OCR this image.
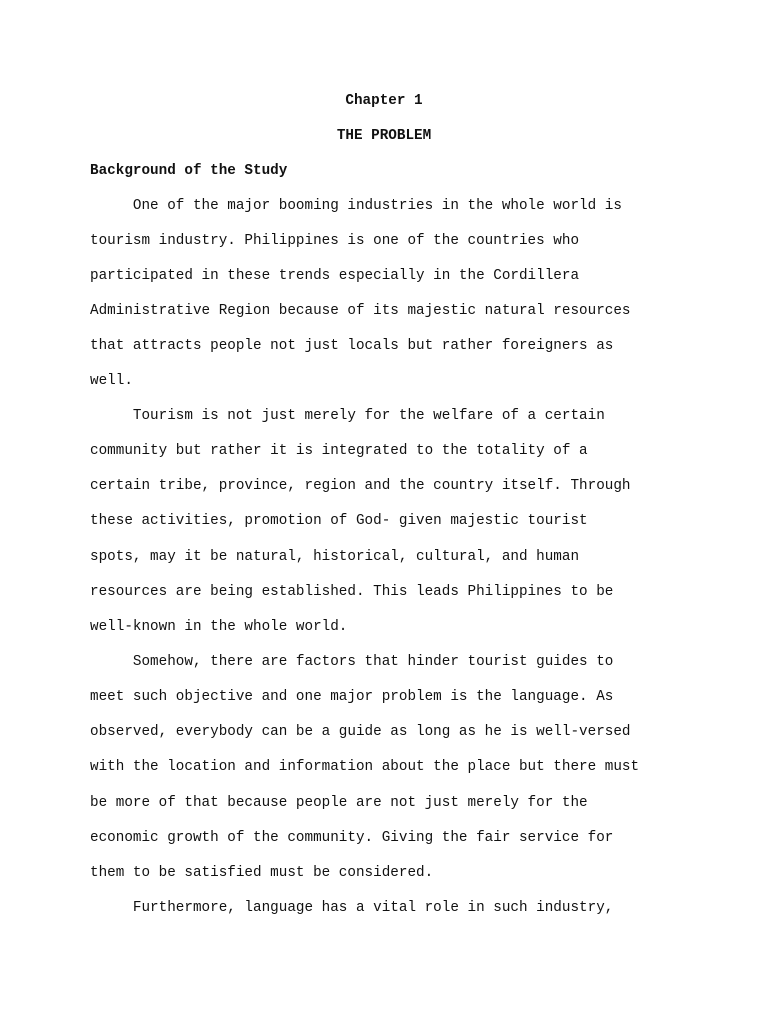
Chapter 1
THE PROBLEM
Background of the Study
One of the major booming industries in the whole world is
tourism industry. Philippines is one of the countries who
participated in these trends especially in the Cordillera
Administrative Region because of its majestic natural resources
that attracts people not just locals but rather foreigners as
well.
Tourism is not just merely for the welfare of a certain
community but rather it is integrated to the totality of a
certain tribe, province, region and the country itself. Through
these activities, promotion of God- given majestic tourist
spots, may it be natural, historical, cultural, and human
resources are being established. This leads Philippines to be
well-known in the whole world.
Somehow, there are factors that hinder tourist guides to
meet such objective and one major problem is the language. As
observed, everybody can be a guide as long as he is well-versed
with the location and information about the place but there must
be more of that because people are not just merely for the
economic growth of the community. Giving the fair service for
them to be satisfied must be considered.
Furthermore, language has a vital role in such industry,
